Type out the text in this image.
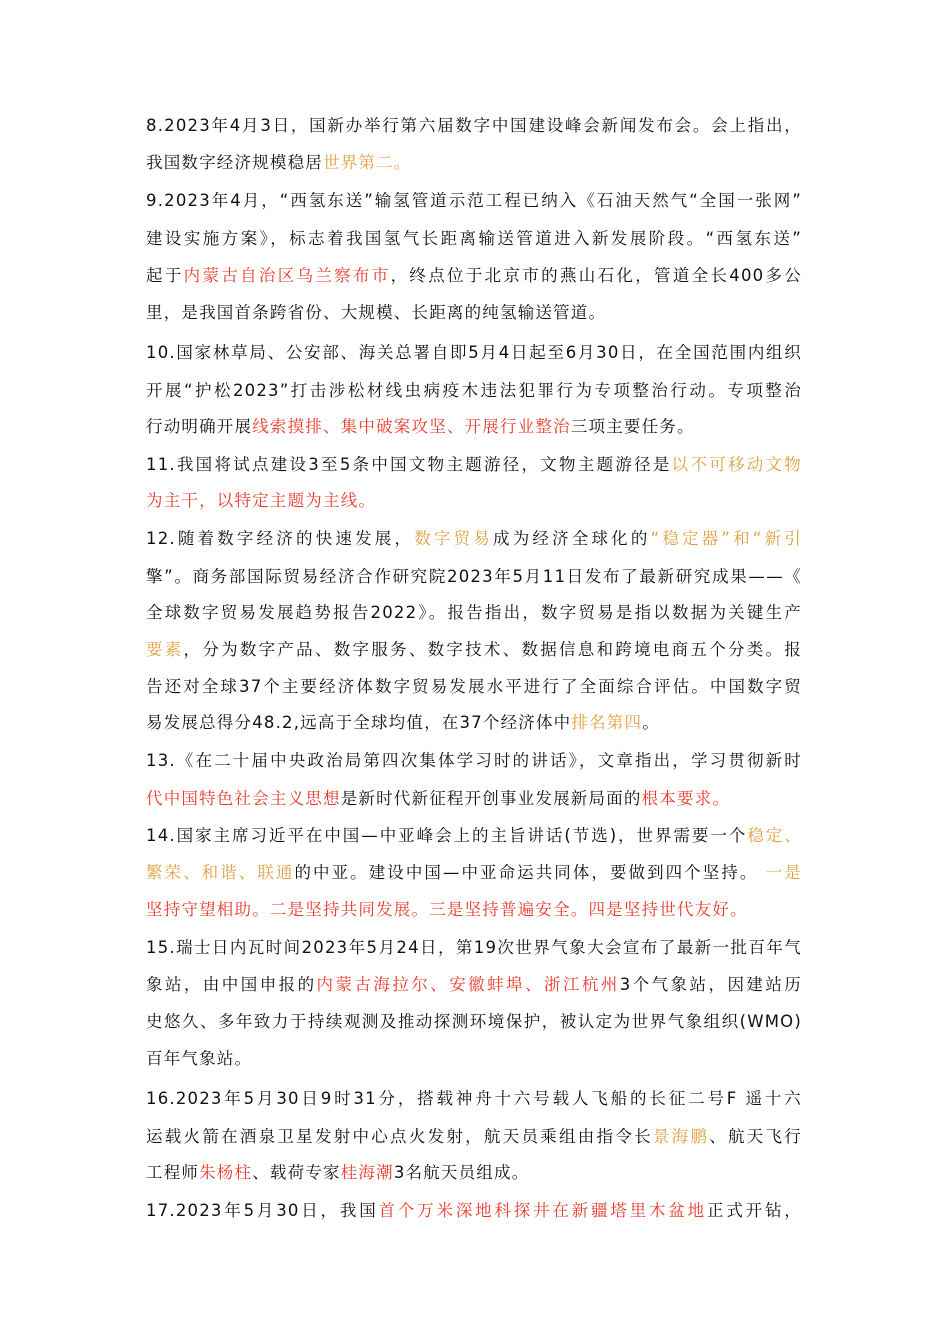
8.2023年4月3日，国新办举行第六届数字中国建设峰会新闻发布会。会上指出，
我国数字经济规模稳居世界第二。
9.2023年4月，“西氢东送”输氢管道示范工程已纳入《石油天然气“全国一张网”
建设实施方案》，标志着我国氢气长距离输送管道进入新发展阶段。“西氢东送”
起于内蒙古自治区乌兰察布市，终点位于北京市的燕山石化，管道全长400多公
里，是我国首条跨省份、大规模、长距离的纯氢输送管道。
10.国家林草局、公安部、海关总署自即5月4日起至6月30日，在全国范围内组织
开展“护松2023”打击涉松材线虫病疫木违法犯罪行为专项整治行动。专项整治
行动明确开展线索摸排、集中破案攻坚、开展行业整治三项主要任务。
11.我国将试点建设3至5条中国文物主题游径，文物主题游径是以不可移动文物
为主干，以特定主题为主线。
12.随着数字经济的快速发展，数字贸易成为经济全球化的“稳定器”和“新引
擎”。商务部国际贸易经济合作研究院2023年5月11日发布了最新研究成果——《
全球数字贸易发展趋势报告2022》。报告指出，数字贸易是指以数据为关键生产
要素，分为数字产品、数字服务、数字技术、数据信息和跨境电商五个分类。报
告还对全球37个主要经济体数字贸易发展水平进行了全面综合评估。中国数字贸
易发展总得分48.2,远高于全球均值，在37个经济体中排名第四。
13.《在二十届中央政治局第四次集体学习时的讲话》，文章指出，学习贯彻新时
代中国特色社会主义思想是新时代新征程开创事业发展新局面的根本要求。
14.国家主席习近平在中国—中亚峰会上的主旨讲话(节选)，世界需要一个稳定、
繁荣、和谐、联通的中亚。建设中国—中亚命运共同体，要做到四个坚持。 一是
坚持守望相助。二是坚持共同发展。三是坚持普遍安全。四是坚持世代友好。
15.瑞士日内瓦时间2023年5月24日，第19次世界气象大会宣布了最新一批百年气
象站，由中国申报的内蒙古海拉尔、安徽蚌埠、浙江杭州3个气象站，因建站历
史悠久、多年致力于持续观测及推动探测环境保护，被认定为世界气象组织(WMO)
百年气象站。
16.2023年5月30日9时31分，搭载神舟十六号载人飞船的长征二号F 遥十六
运载火箭在酒泉卫星发射中心点火发射，航天员乘组由指令长景海鹏、航天飞行
工程师朱杨柱、载荷专家桂海潮3名航天员组成。
17.2023年5月30日，我国首个万米深地科探井在新疆塔里木盆地正式开钻，
